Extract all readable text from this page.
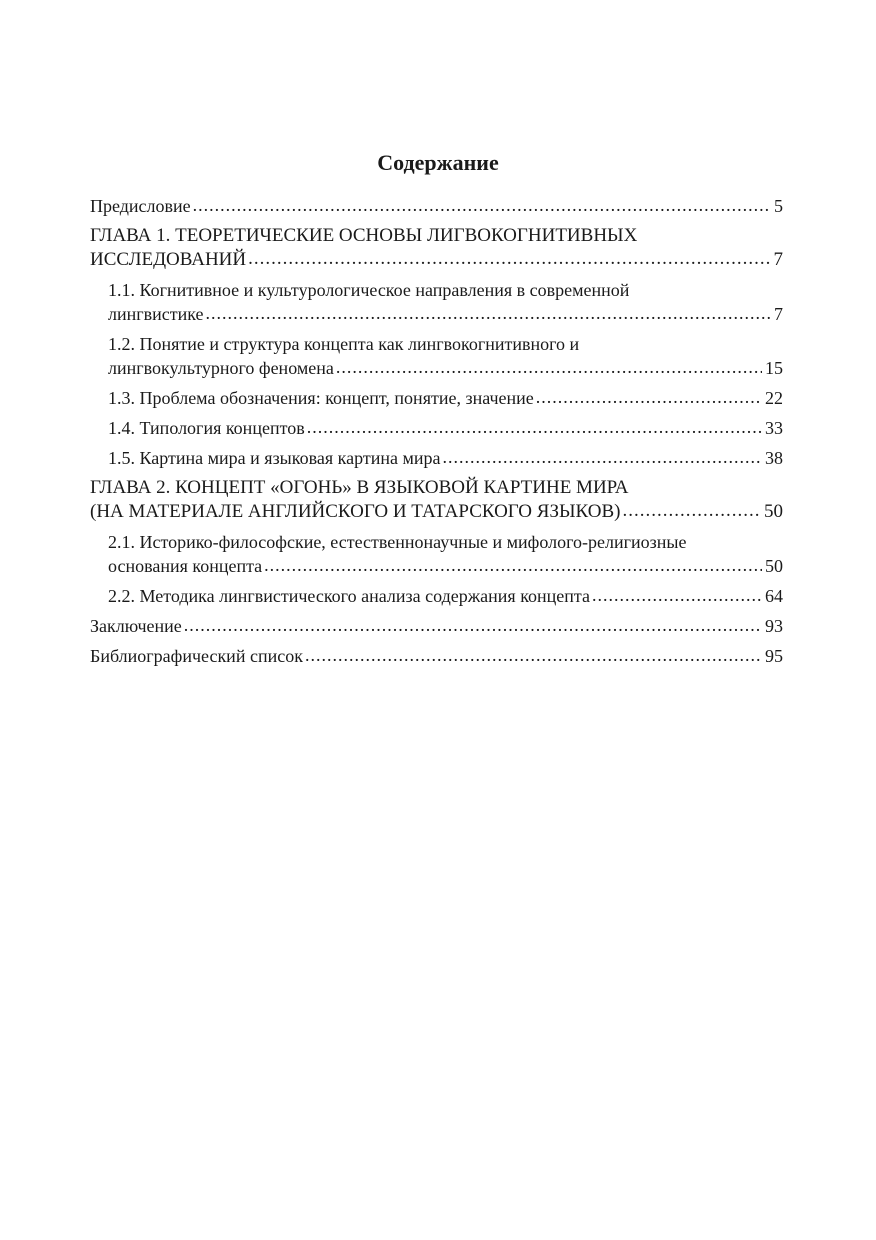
Содержание
Предисловие .....	5
ГЛАВА 1. ТЕОРЕТИЧЕСКИЕ ОСНОВЫ ЛИГВОКОГНИТИВНЫХ
ИССЛЕДОВАНИЙ .....	7
1.1. Когнитивное и культурологическое направления в современной
лингвистике .....	7
1.2. Понятие и структура концепта как лингвокогнитивного и
лингвокультурного феномена .....	15
1.3. Проблема обозначения: концепт, понятие, значение .....	22
1.4. Типология концептов .....	33
1.5. Картина мира и языковая картина мира .....	38
ГЛАВА 2. КОНЦЕПТ «ОГОНЬ» В ЯЗЫКОВОЙ КАРТИНЕ МИРА
(НА МАТЕРИАЛЕ АНГЛИЙСКОГО И ТАТАРСКОГО ЯЗЫКОВ) .....	50
2.1. Историко-философские, естественнонаучные и мифолого-религиозные
основания концепта .....	50
2.2. Методика лингвистического анализа содержания концепта .....	64
Заключение .....	93
Библиографический список .....	95
